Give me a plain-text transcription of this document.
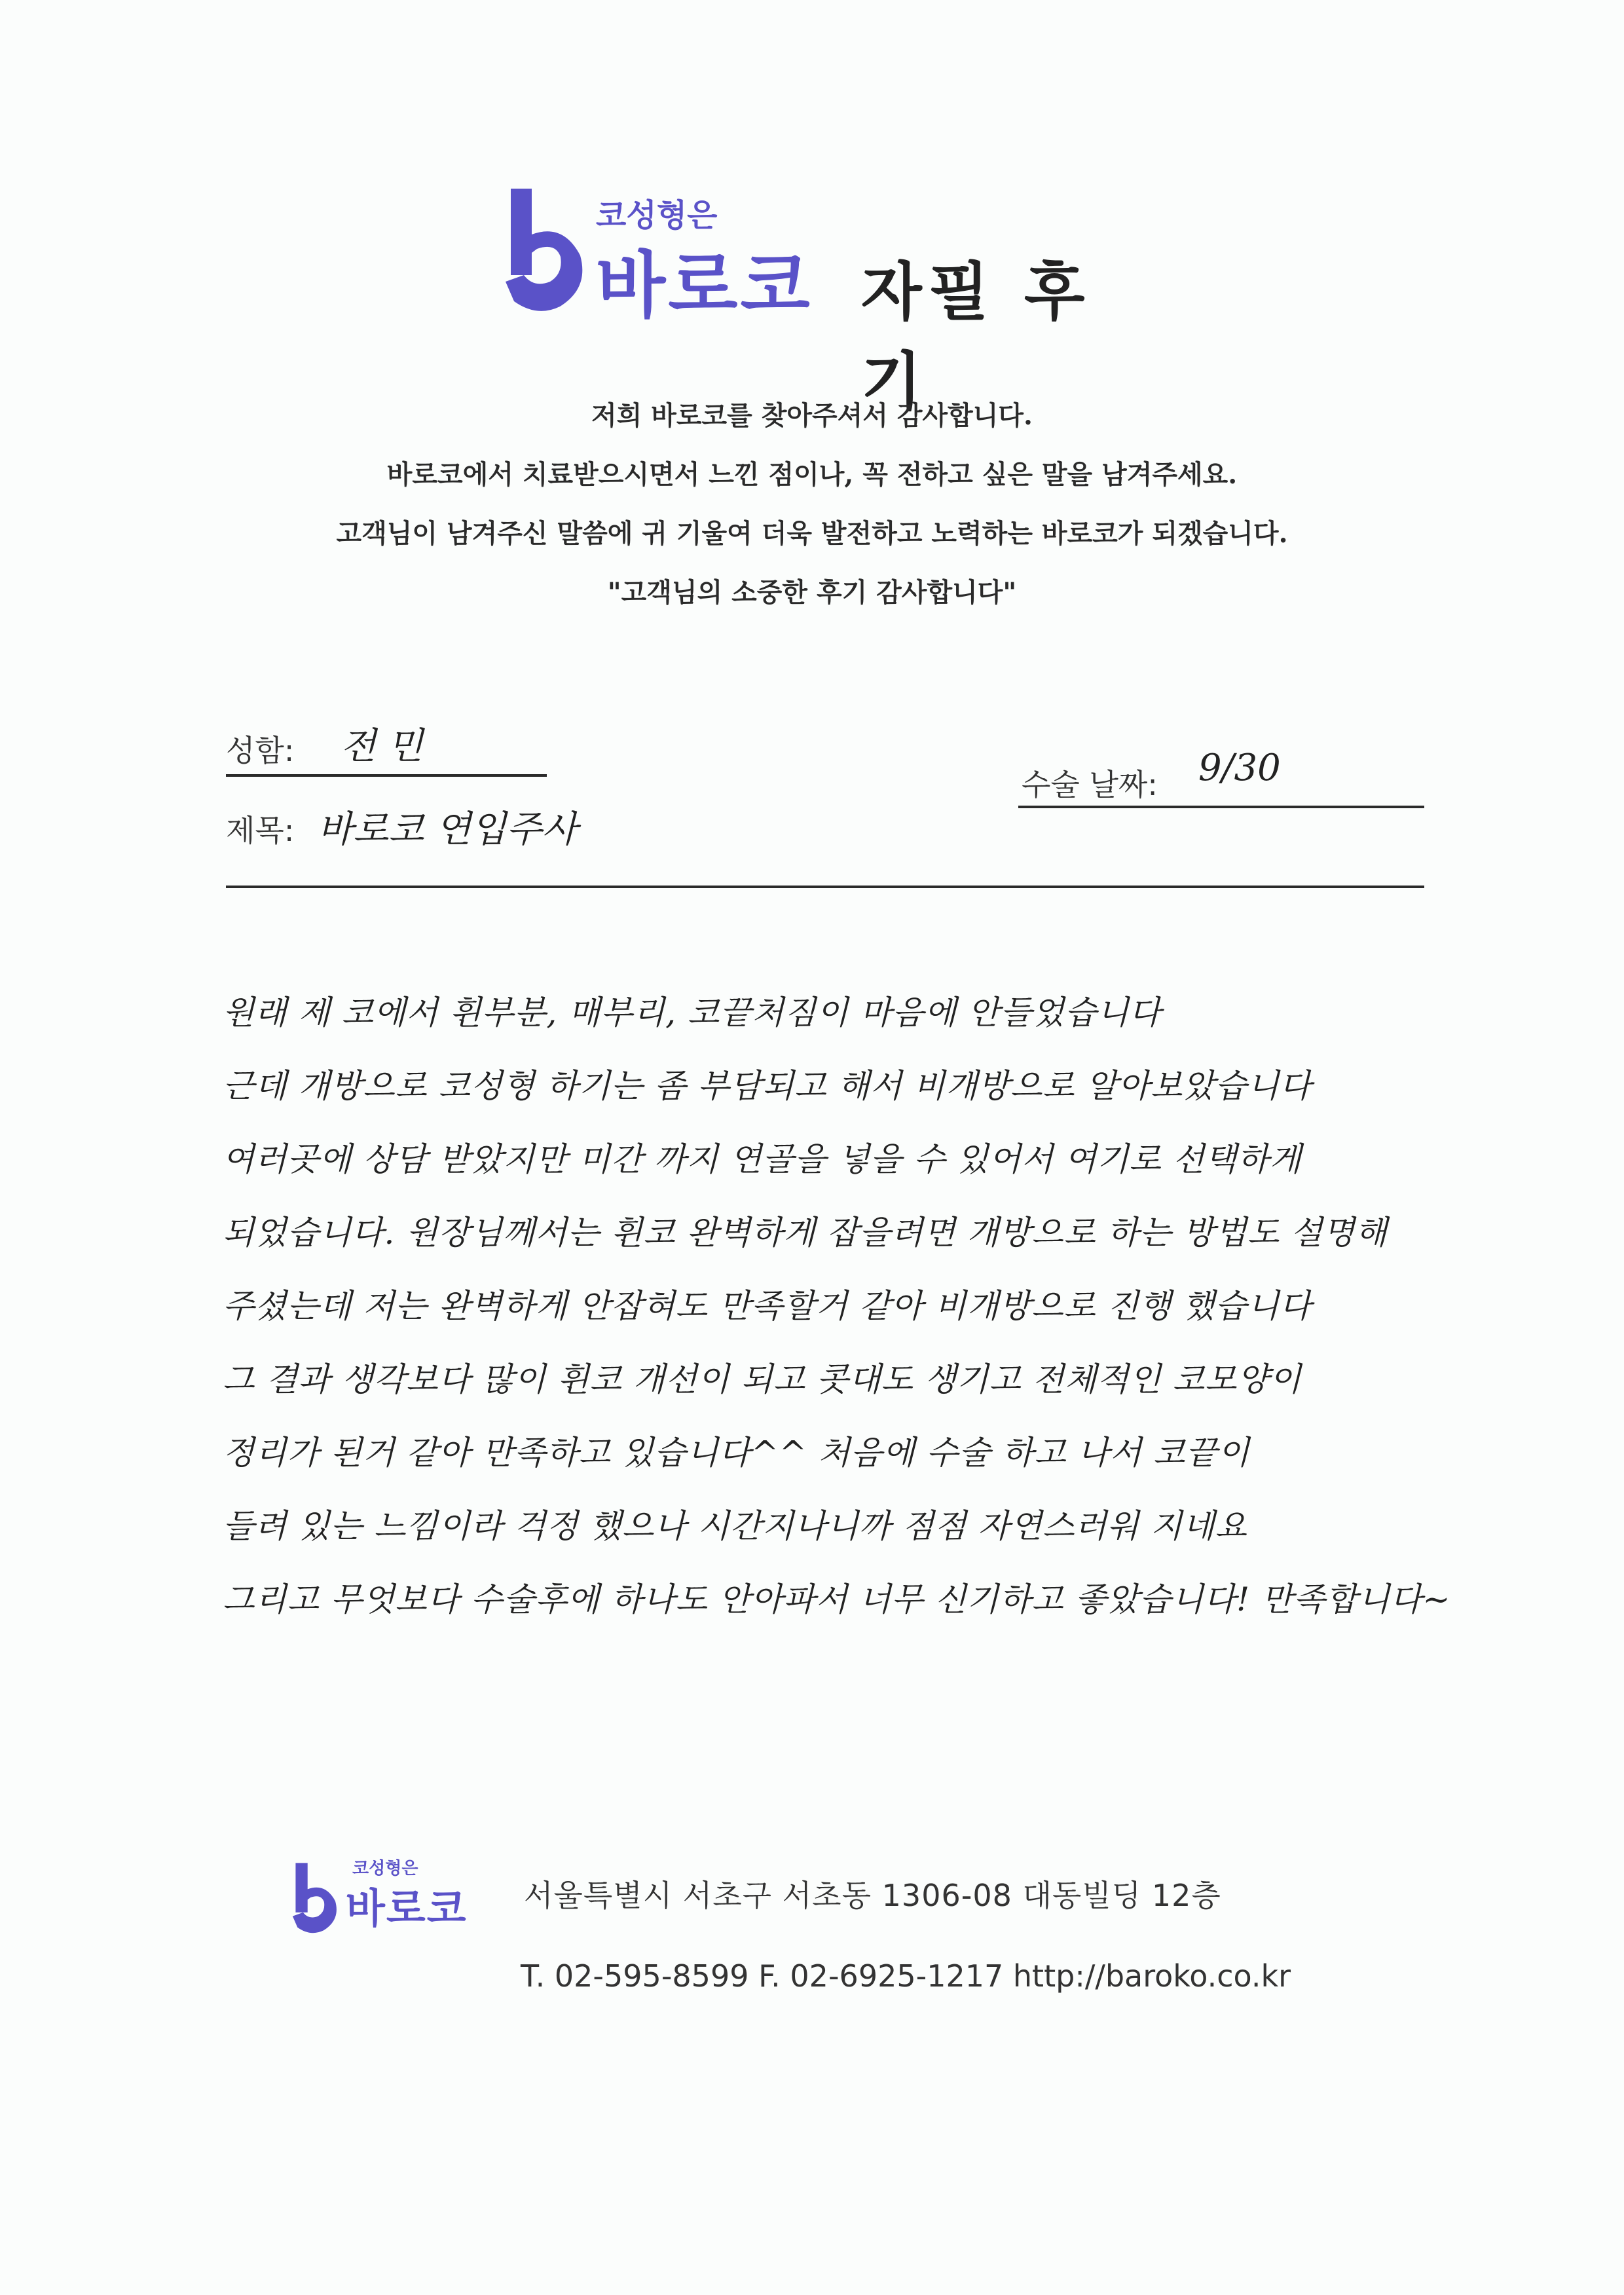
코성형은
바로코 자필 후기

저희 바로코를 찾아주셔서 감사합니다.

바로코에서 치료받으시면서 느낀 점이나, 꼭 전하고 싶은 말을 남겨주세요.

고객님이 남겨주신 말씀에 귀 기울여 더욱 발전하고 노력하는 바로코가 되겠습니다.

"고객님의 소중한 후기 감사합니다"

성함: 전 민
수술 날짜: 9/30
제목: 바로코 연입주사

원래 제 코에서 휜부분, 매부리, 코끝처짐이 마음에 안들었습니다

근데 개방으로 코성형 하기는 좀 부담되고 해서 비개방으로 알아보았습니다

여러곳에 상담 받았지만 미간 까지 연골을 넣을 수 있어서 여기로 선택하게

되었습니다. 원장님께서는 휜코 완벽하게 잡을려면 개방으로 하는 방법도 설명해

주셨는데 저는 완벽하게 안잡혀도 만족할거 같아 비개방으로 진행 했습니다

그 결과 생각보다 많이 휜코 개선이 되고 콧대도 생기고 전체적인 코모양이

정리가 된거 같아 만족하고 있습니다^^ 처음에 수술 하고 나서 코끝이

들려 있는 느낌이라 걱정 했으나 시간지나니까 점점 자연스러워 지네요

그리고 무엇보다 수술후에 하나도 안아파서 너무 신기하고 좋았습니다! 만족합니다~

코성형은
바로코 서울특별시 서초구 서초동 1306-08 대동빌딩 12층
T. 02-595-8599 F. 02-6925-1217 http://baroko.co.kr
